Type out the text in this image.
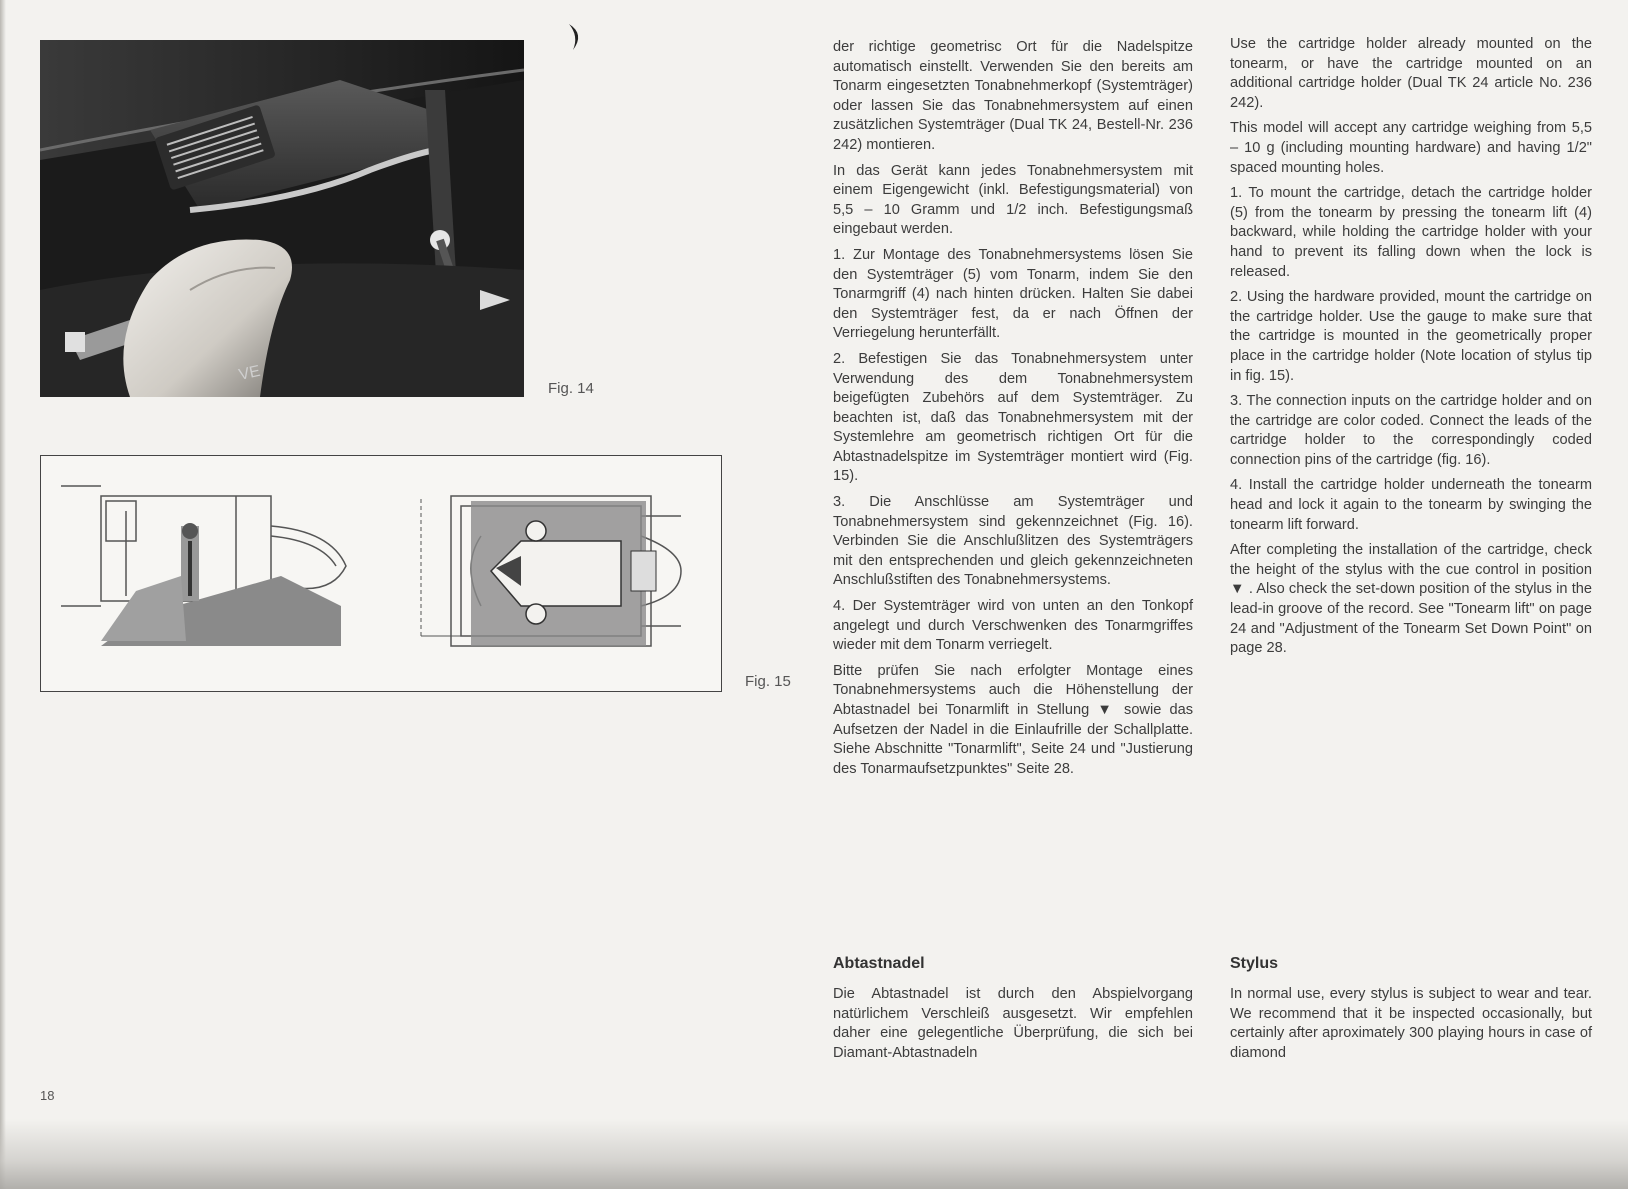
VE
Fig. 14
Fig. 15

der richtige geometrisc Ort für die Nadelspitze automatisch einstellt. Verwenden Sie den bereits am Tonarm eingesetzten Tonabnehmerkopf (Systemträger) oder lassen Sie das Tonabnehmersystem auf einen zusätzlichen Systemträger (Dual TK 24, Bestell-Nr. 236 242) montieren.

In das Gerät kann jedes Tonabnehmersystem mit einem Eigengewicht (inkl. Befestigungsmaterial) von 5,5 – 10 Gramm und 1/2 inch. Befestigungsmaß eingebaut werden.

1. Zur Montage des Tonabnehmersystems lösen Sie den Systemträger (5) vom Tonarm, indem Sie den Tonarmgriff (4) nach hinten drücken. Halten Sie dabei den Systemträger fest, da er nach Öffnen der Verriegelung herunterfällt.

2. Befestigen Sie das Tonabnehmersystem unter Verwendung des dem Tonabnehmersystem beigefügten Zubehörs auf dem Systemträger. Zu beachten ist, daß das Tonabnehmersystem mit der Systemlehre am geometrisch richtigen Ort für die Abtastnadelspitze im Systemträger montiert wird (Fig. 15).

3. Die Anschlüsse am Systemträger und Tonabnehmersystem sind gekennzeichnet (Fig. 16). Verbinden Sie die Anschlußlitzen des Systemträgers mit den entsprechenden und gleich gekennzeichneten Anschlußstiften des Tonabnehmersystems.

4. Der Systemträger wird von unten an den Tonkopf angelegt und durch Verschwenken des Tonarmgriffes wieder mit dem Tonarm verriegelt.

Bitte prüfen Sie nach erfolgter Montage eines Tonabnehmersystems auch die Höhenstellung der Abtastnadel bei Tonarmlift in Stellung ▼ sowie das Aufsetzen der Nadel in die Einlaufrille der Schallplatte. Siehe Abschnitte "Tonarmlift", Seite 24 und "Justierung des Tonarmaufsetzpunktes" Seite 28.

Use the cartridge holder already mounted on the tonearm, or have the cartridge mounted on an additional cartridge holder (Dual TK 24 article No. 236 242).

This model will accept any cartridge weighing from 5,5 – 10 g (including mounting hardware) and having 1/2" spaced mounting holes.

1. To mount the cartridge, detach the cartridge holder (5) from the tonearm by pressing the tonearm lift (4) backward, while holding the cartridge holder with your hand to prevent its falling down when the lock is released.

2. Using the hardware provided, mount the cartridge on the cartridge holder. Use the gauge to make sure that the cartridge is mounted in the geometrically proper place in the cartridge holder (Note location of stylus tip in fig. 15).

3. The connection inputs on the cartridge holder and on the cartridge are color coded. Connect the leads of the cartridge holder to the correspondingly coded connection pins of the cartridge (fig. 16).

4. Install the cartridge holder underneath the tonearm head and lock it again to the tonearm by swinging the tonearm lift forward.

After completing the installation of the cartridge, check the height of the stylus with the cue control in position ▼ . Also check the set-down position of the stylus in the lead-in groove of the record. See "Tonearm lift" on page 24 and "Adjustment of the Tonearm Set Down Point" on page 28.

Abtastnadel
Die Abtastnadel ist durch den Abspielvorgang natürlichem Verschleiß ausgesetzt. Wir empfehlen daher eine gelegentliche Überprüfung, die sich bei Diamant-Abtastnadeln
Stylus
In normal use, every stylus is subject to wear and tear. We recommend that it be inspected occasionally, but certainly after aproximately 300 playing hours in case of diamond
18
